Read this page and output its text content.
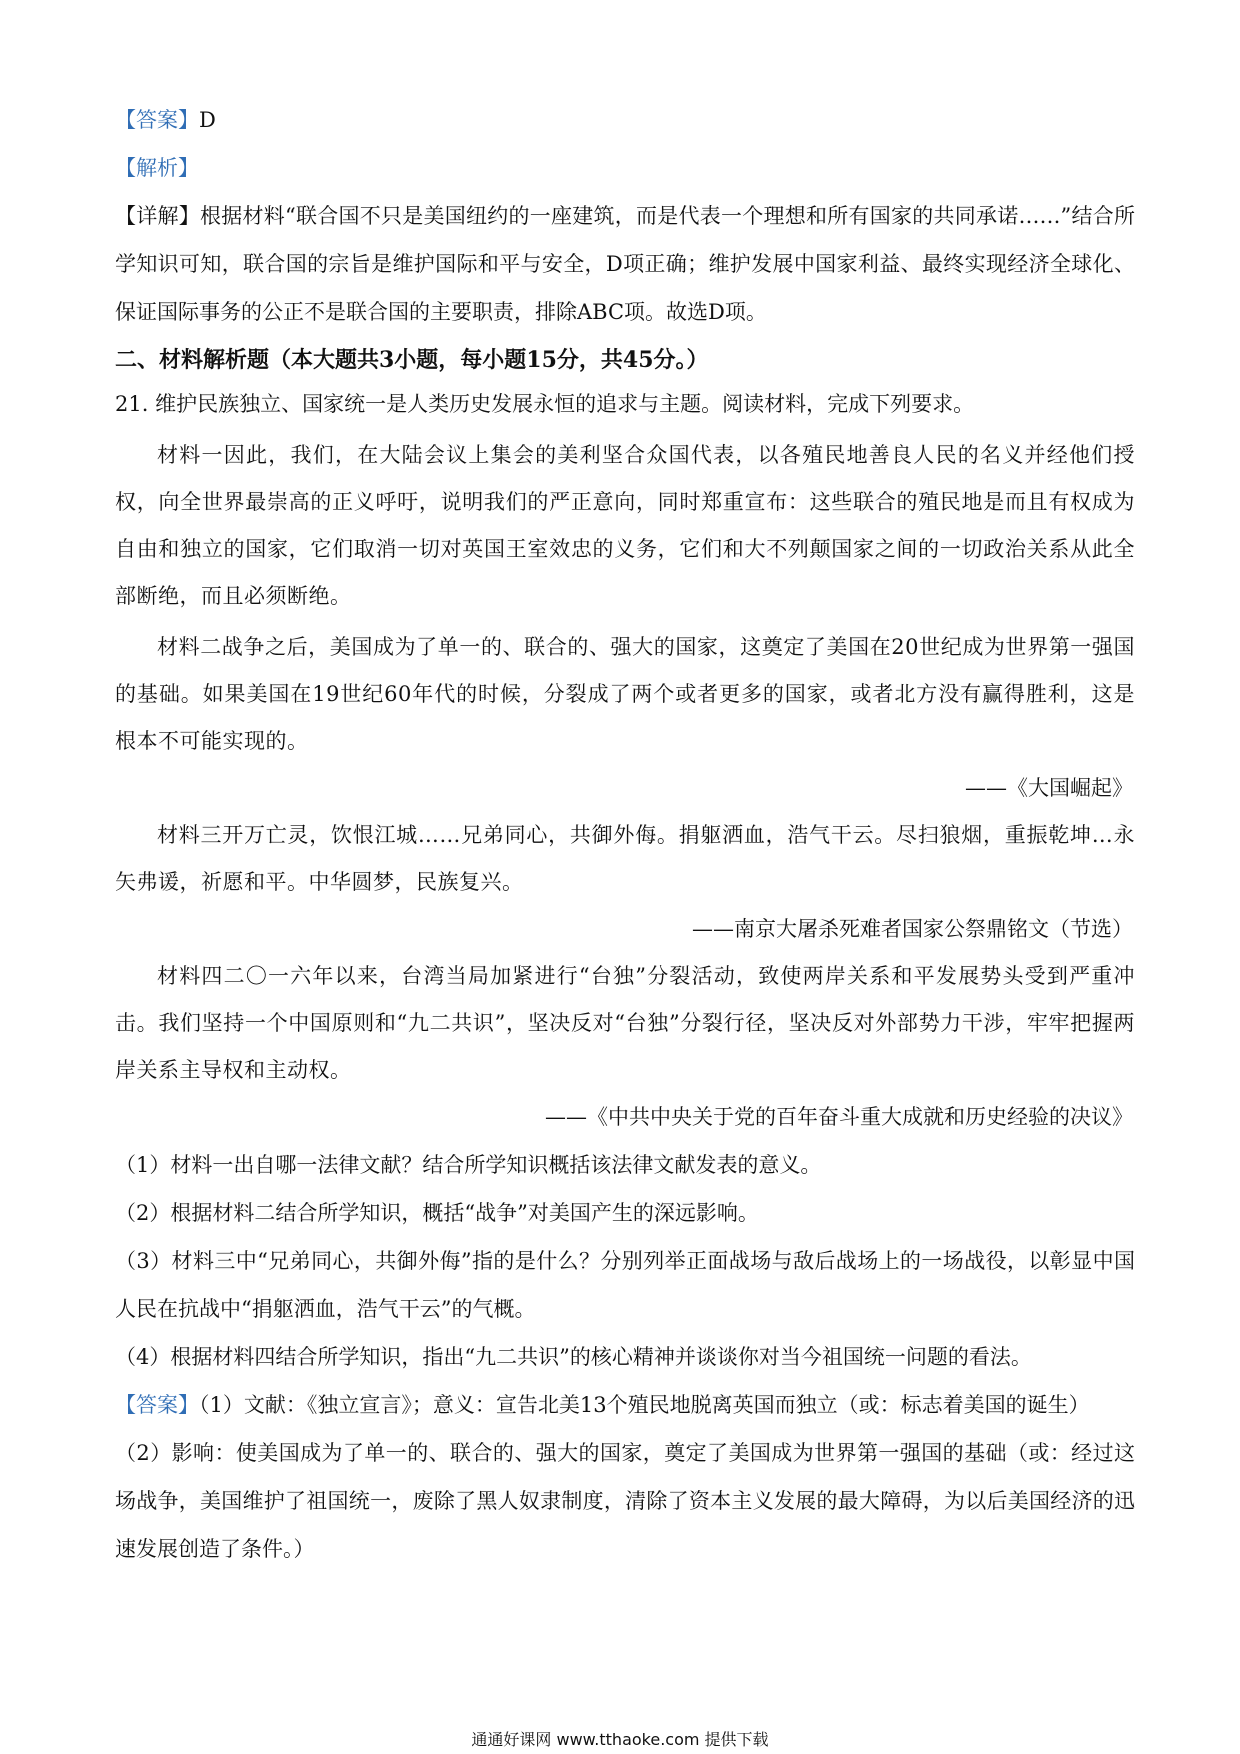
【答案】D
【解析】
【详解】根据材料“联合国不只是美国纽约的一座建筑，而是代表一个理想和所有国家的共同承诺……”结合所学知识可知，联合国的宗旨是维护国际和平与安全，D项正确；维护发展中国家利益、最终实现经济全球化、保证国际事务的公正不是联合国的主要职责，排除ABC项。故选D项。
二、材料解析题（本大题共3小题，每小题15分，共45分。）
21. 维护民族独立、国家统一是人类历史发展永恒的追求与主题。阅读材料，完成下列要求。
材料一因此，我们，在大陆会议上集会的美利坚合众国代表，以各殖民地善良人民的名义并经他们授权，向全世界最崇高的正义呼吁，说明我们的严正意向，同时郑重宣布：这些联合的殖民地是而且有权成为自由和独立的国家，它们取消一切对英国王室效忠的义务，它们和大不列颠国家之间的一切政治关系从此全部断绝，而且必须断绝。
材料二战争之后，美国成为了单一的、联合的、强大的国家，这奠定了美国在20世纪成为世界第一强国的基础。如果美国在19世纪60年代的时候，分裂成了两个或者更多的国家，或者北方没有赢得胜利，这是根本不可能实现的。
——《大国崛起》
材料三开万亡灵，饮恨江城……兄弟同心，共御外侮。捐躯洒血，浩气干云。尽扫狼烟，重振乾坤…永矢弗谖，祈愿和平。中华圆梦，民族复兴。
——南京大屠杀死难者国家公祭鼎铭文（节选）
材料四二〇一六年以来，台湾当局加紧进行“台独”分裂活动，致使两岸关系和平发展势头受到严重冲击。我们坚持一个中国原则和“九二共识”，坚决反对“台独”分裂行径，坚决反对外部势力干涉，牢牢把握两岸关系主导权和主动权。
——《中共中央关于党的百年奋斗重大成就和历史经验的决议》
（1）材料一出自哪一法律文献？结合所学知识概括该法律文献发表的意义。
（2）根据材料二结合所学知识，概括“战争”对美国产生的深远影响。
（3）材料三中“兄弟同心，共御外侮”指的是什么？分别列举正面战场与敌后战场上的一场战役，以彰显中国人民在抗战中“捐躯洒血，浩气干云”的气概。
（4）根据材料四结合所学知识，指出“九二共识”的核心精神并谈谈你对当今祖国统一问题的看法。
【答案】（1）文献：《独立宣言》；意义：宣告北美13个殖民地脱离英国而独立（或：标志着美国的诞生）
（2）影响：使美国成为了单一的、联合的、强大的国家，奠定了美国成为世界第一强国的基础（或：经过这场战争，美国维护了祖国统一，废除了黑人奴隶制度，清除了资本主义发展的最大障碍，为以后美国经济的迅速发展创造了条件。）
通通好课网 www.tthaoke.com 提供下载
